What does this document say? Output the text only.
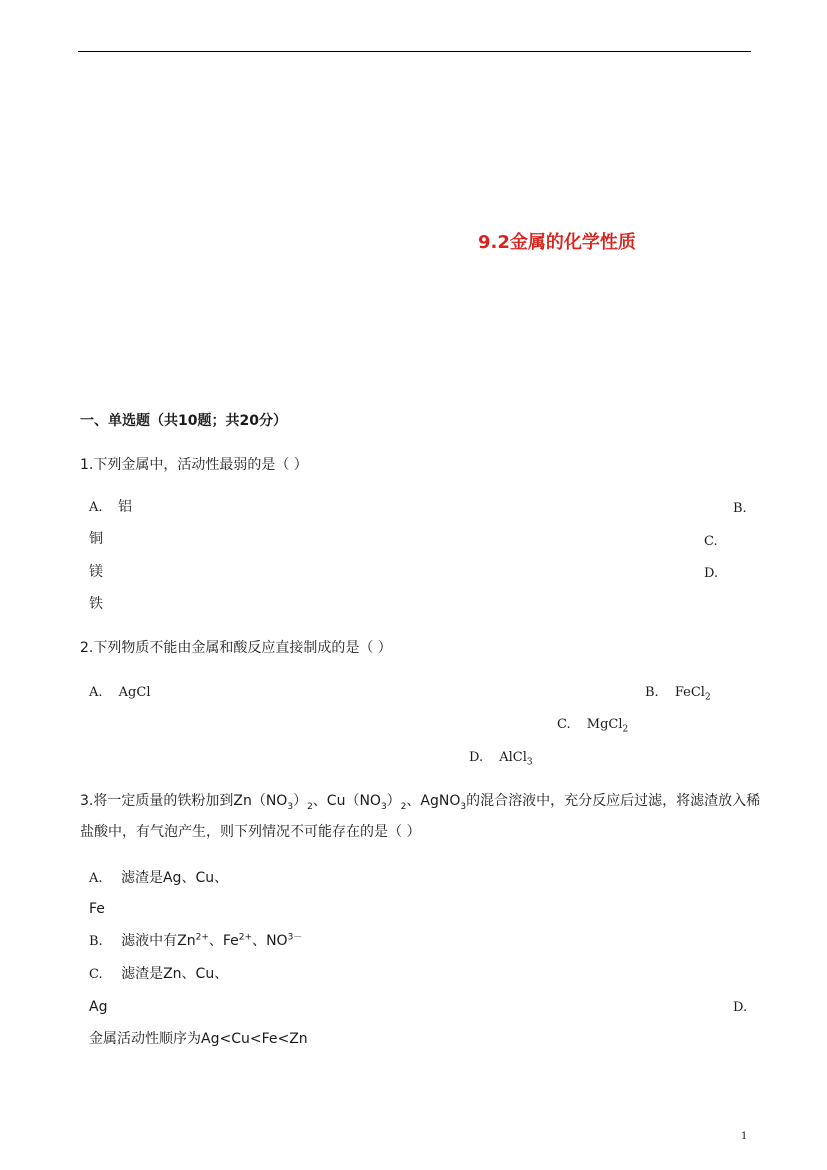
9.2金属的化学性质
一、单选题（共10题；共20分）
1.下列金属中，活动性最弱的是（ ）
A. 铝	B.
铜	C.
镁	D.
铁
2.下列物质不能由金属和酸反应直接制成的是（ ）
A. AgCl	B. FeCl$_2$
C. MgCl$_2$
D. AlCl$_3$
3.将一定质量的铁粉加到$Zn(NO_3)_2$、$Cu(NO_3)_2$、AgNO$_3$的混合溶液中，充分反应后过滤，将滤渣放入稀
盐酸中，有气泡产生，则下列情况不可能存在的是（ ）
A. 滤渣是Ag、Cu、
Fe
B. 滤液中有$Zn^{2+}$、$Fe^{2+}$、$NO^{3-}$
C. 滤渣是Zn、Cu、
Ag	D.
金属活动性顺序为Ag<Cu<Fe<Zn
1
